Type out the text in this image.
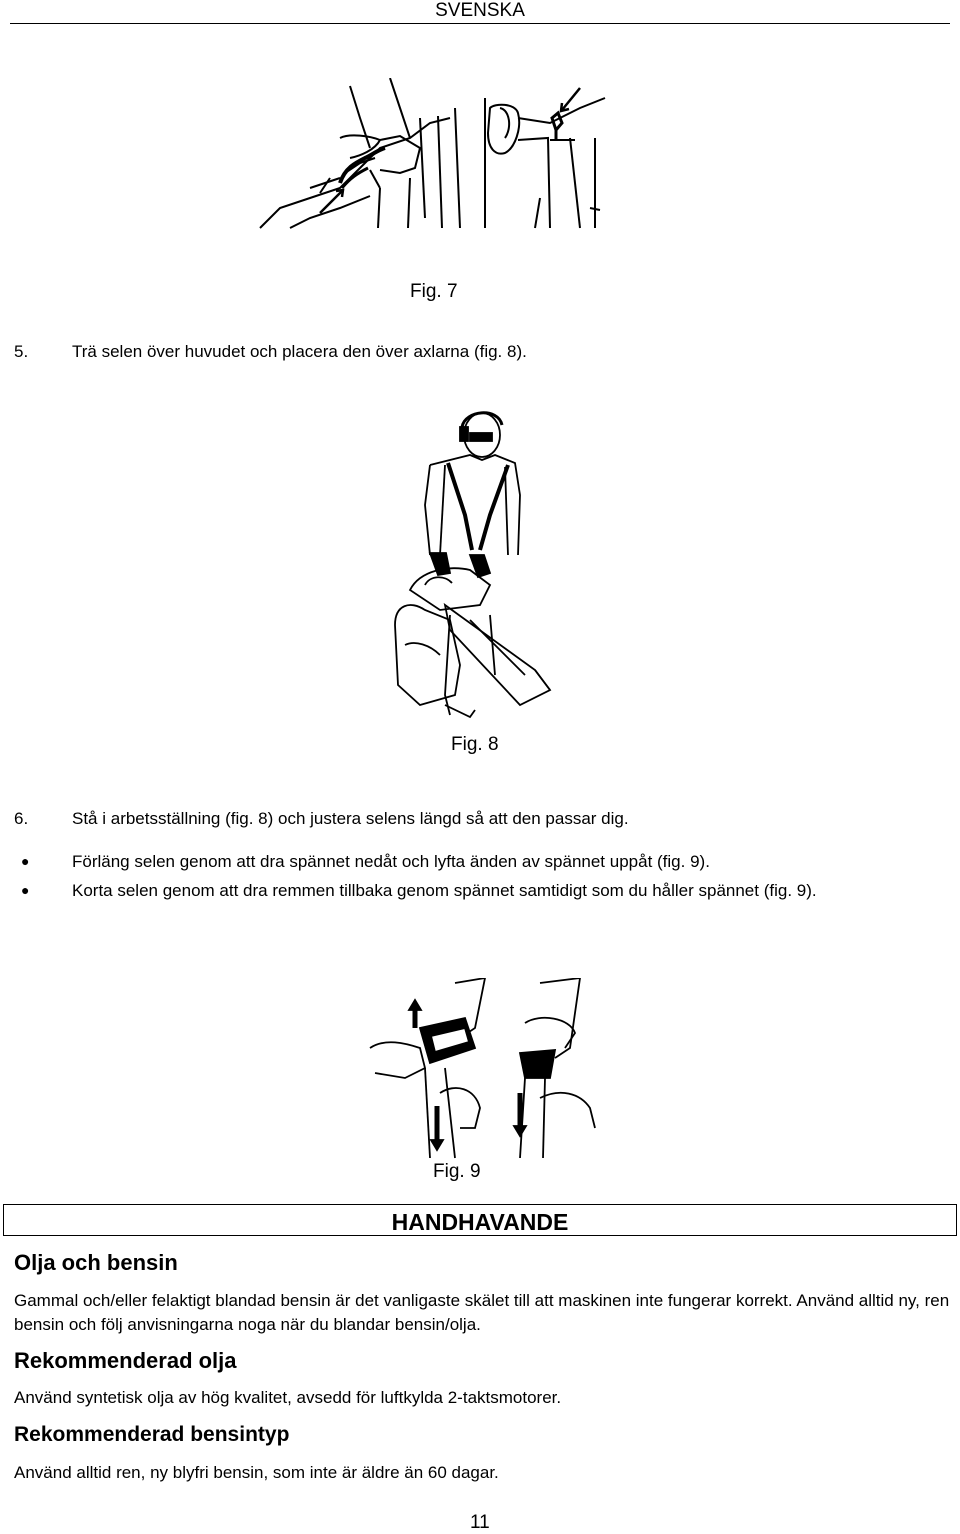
SVENSKA
Fig. 7
5.	Trä selen över huvudet och placera den över axlarna (fig. 8).
Fig. 8
6.	Stå i arbetsställning (fig. 8) och justera selens längd så att den passar dig.
●	Förläng selen genom att dra spännet nedåt och lyfta änden av spännet uppåt (fig. 9).
●	Korta selen genom att dra remmen tillbaka genom spännet samtidigt som du håller spännet (fig. 9).
Fig. 9
HANDHAVANDE
Olja och bensin
Gammal och/eller felaktigt blandad bensin är det vanligaste skälet till att maskinen inte fungerar korrekt. Använd alltid ny, ren bensin och följ anvisningarna noga när du blandar bensin/olja.
Rekommenderad olja
Använd syntetisk olja av hög kvalitet, avsedd för luftkylda 2-taktsmotorer.
Rekommenderad bensintyp
Använd alltid ren, ny blyfri bensin, som inte är äldre än 60 dagar.
11
